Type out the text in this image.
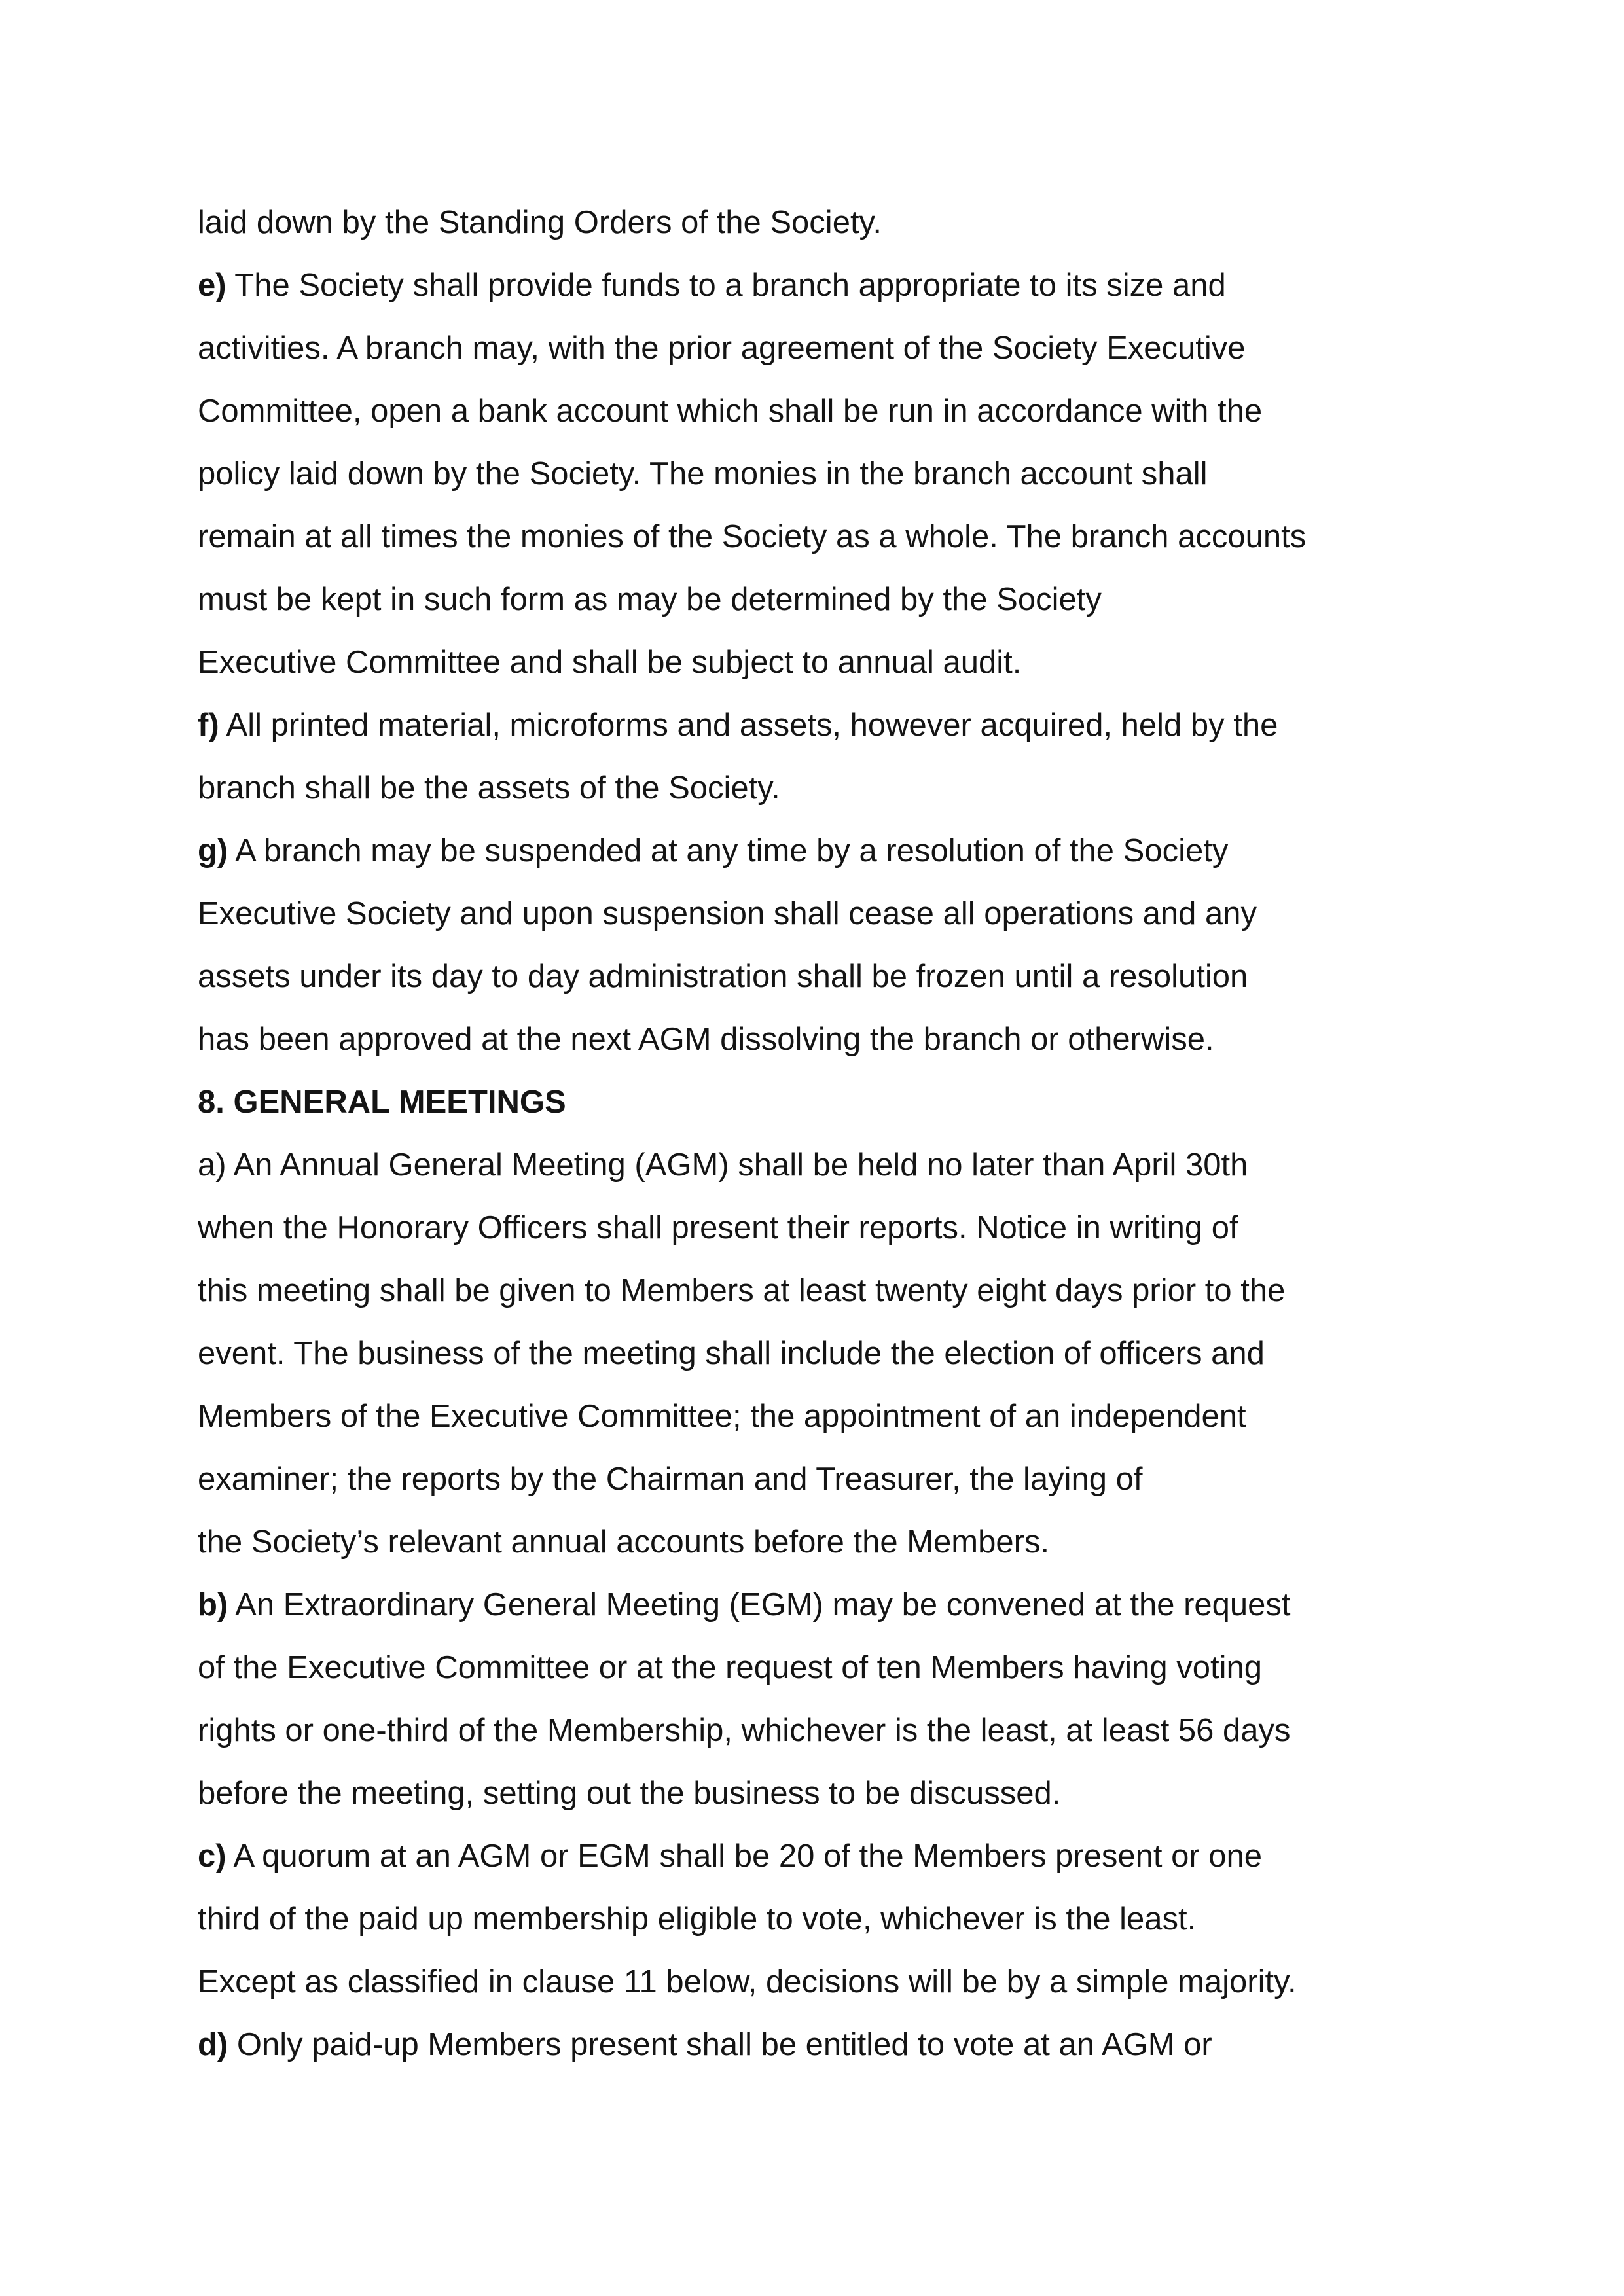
laid down by the Standing Orders of the Society.
e) The Society shall provide funds to a branch appropriate to its size and
activities. A branch may, with the prior agreement of the Society Executive
Committee, open a bank account which shall be run in accordance with the
policy laid down by the Society. The monies in the branch account shall
remain at all times the monies of the Society as a whole. The branch accounts
must be kept in such form as may be determined by the Society
Executive Committee and shall be subject to annual audit.
f) All printed material, microforms and assets, however acquired, held by the
branch shall be the assets of the Society.
g) A branch may be suspended at any time by a resolution of the Society
Executive Society and upon suspension shall cease all operations and any
assets under its day to day administration shall be frozen until a resolution
has been approved at the next AGM dissolving the branch or otherwise.
8. GENERAL MEETINGS
a) An Annual General Meeting (AGM) shall be held no later than April 30th
when the Honorary Officers shall present their reports. Notice in writing of
this meeting shall be given to Members at least twenty eight days prior to the
event. The business of the meeting shall include the election of officers and
Members of the Executive Committee; the appointment of an independent
examiner; the reports by the Chairman and Treasurer, the laying of
the Society’s relevant annual accounts before the Members.
b) An Extraordinary General Meeting (EGM) may be convened at the request
of the Executive Committee or at the request of ten Members having voting
rights or one-third of the Membership, whichever is the least, at least 56 days
before the meeting, setting out the business to be discussed.
c) A quorum at an AGM or EGM shall be 20 of the Members present or one
third of the paid up membership eligible to vote, whichever is the least.
Except as classified in clause 11 below, decisions will be by a simple majority.
d) Only paid-up Members present shall be entitled to vote at an AGM or
